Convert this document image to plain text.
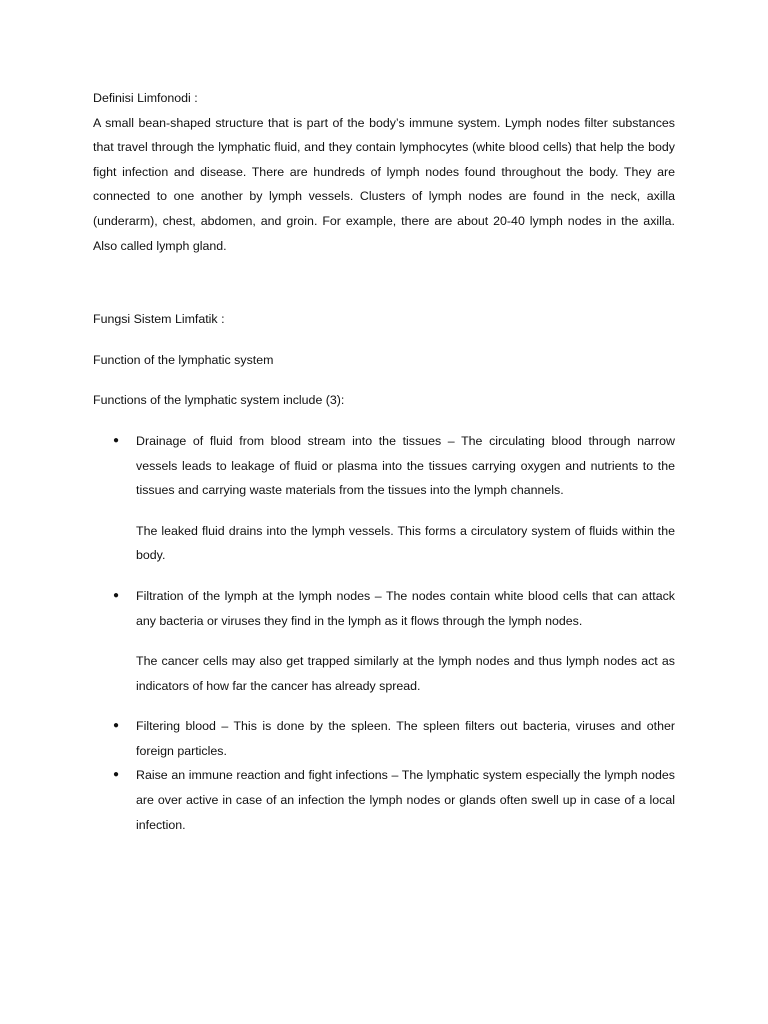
Definisi Limfonodi :

A small bean-shaped structure that is part of the body’s immune system. Lymph nodes filter substances that travel through the lymphatic fluid, and they contain lymphocytes (white blood cells) that help the body fight infection and disease. There are hundreds of lymph nodes found throughout the body. They are connected to one another by lymph vessels. Clusters of lymph nodes are found in the neck, axilla (underarm), chest, abdomen, and groin. For example, there are about 20-40 lymph nodes in the axilla. Also called lymph gland.

Fungsi Sistem Limfatik :

Function of the lymphatic system

Functions of the lymphatic system include (3):

● Drainage of fluid from blood stream into the tissues – The circulating blood through narrow vessels leads to leakage of fluid or plasma into the tissues carrying oxygen and nutrients to the tissues and carrying waste materials from the tissues into the lymph channels.

The leaked fluid drains into the lymph vessels. This forms a circulatory system of fluids within the body.

● Filtration of the lymph at the lymph nodes – The nodes contain white blood cells that can attack any bacteria or viruses they find in the lymph as it flows through the lymph nodes.

The cancer cells may also get trapped similarly at the lymph nodes and thus lymph nodes act as indicators of how far the cancer has already spread.

● Filtering blood – This is done by the spleen. The spleen filters out bacteria, viruses and other foreign particles.

● Raise an immune reaction and fight infections – The lymphatic system especially the lymph nodes are over active in case of an infection the lymph nodes or glands often swell up in case of a local infection.
